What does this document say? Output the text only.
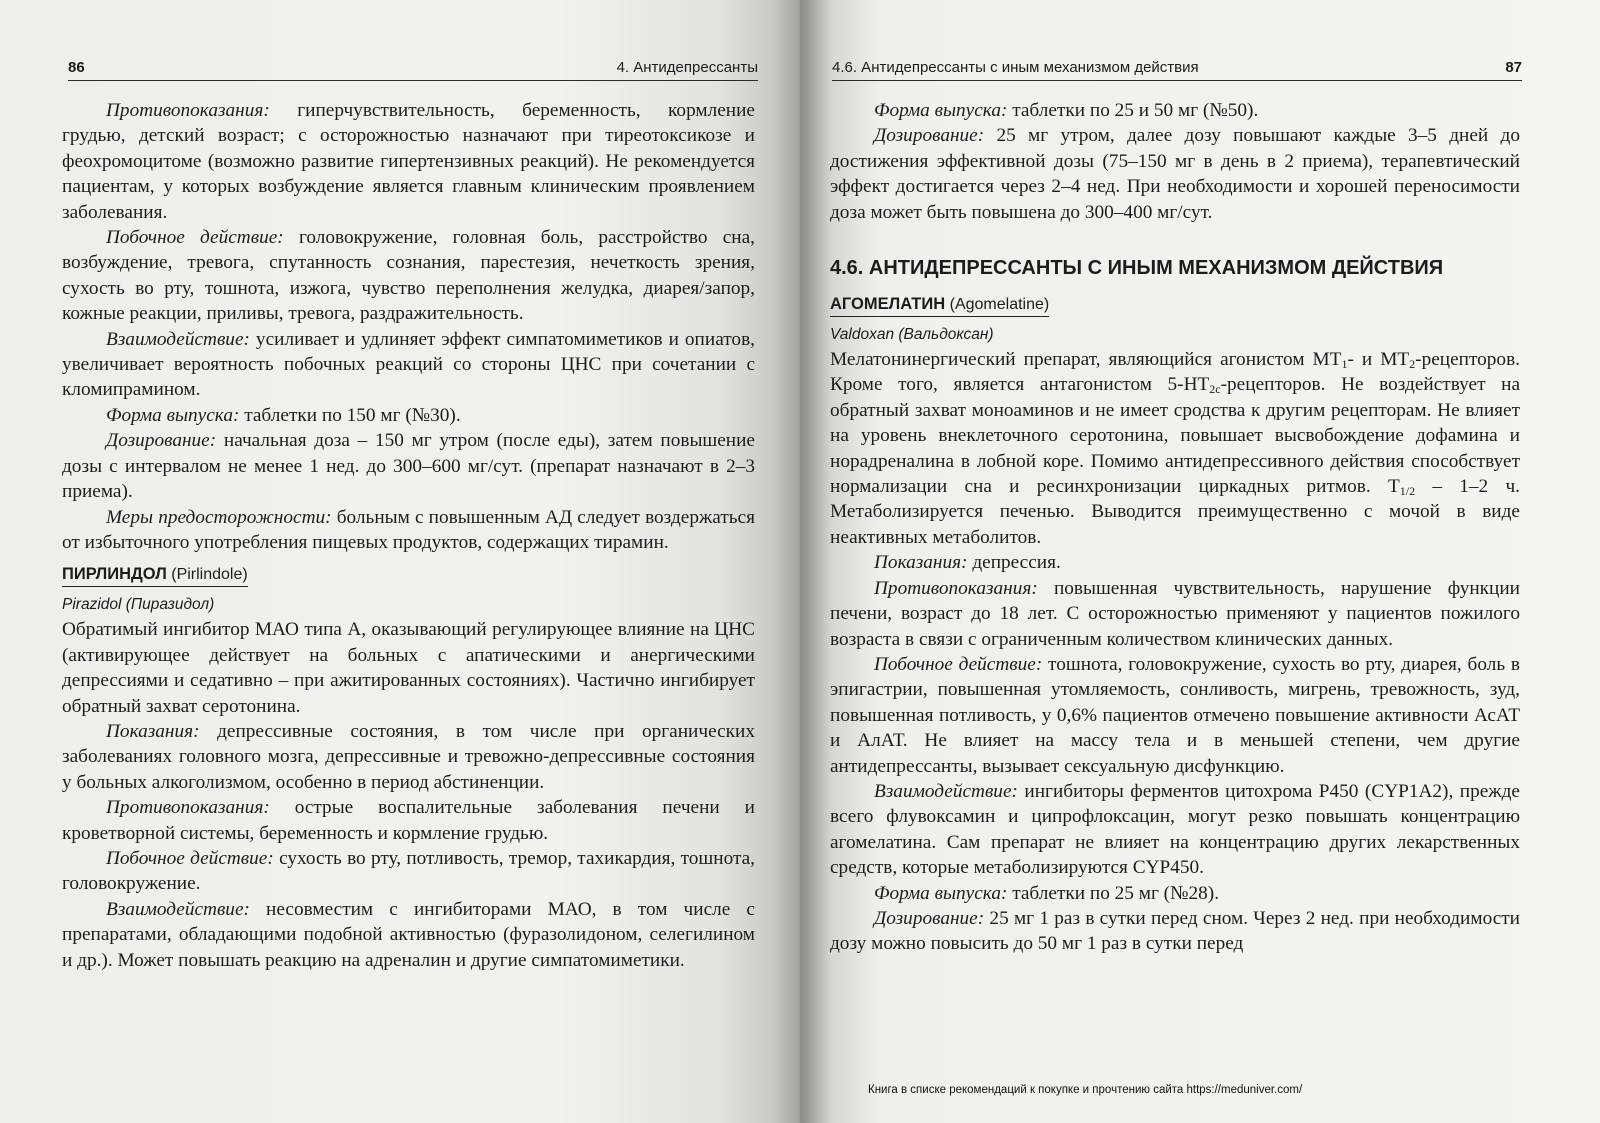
86	4. Антидепрессанты

Противопоказания: гиперчувствительность, беременность, кормление грудью, детский возраст; с осторожностью назначают при тиреотоксикозе и феохромоцитоме (возможно развитие гипертензивных реакций). Не рекомендуется пациентам, у которых возбуждение является главным клиническим проявлением заболевания.

Побочное действие: головокружение, головная боль, расстройство сна, возбуждение, тревога, спутанность сознания, парестезия, нечеткость зрения, сухость во рту, тошнота, изжога, чувство переполнения желудка, диарея/запор, кожные реакции, приливы, тревога, раздражительность.

Взаимодействие: усиливает и удлиняет эффект симпатомиметиков и опиатов, увеличивает вероятность побочных реакций со стороны ЦНС при сочетании с кломипрамином.

Форма выпуска: таблетки по 150 мг (№30).

Дозирование: начальная доза – 150 мг утром (после еды), затем повышение дозы с интервалом не менее 1 нед. до 300–600 мг/сут. (препарат назначают в 2–3 приема).

Меры предосторожности: больным с повышенным АД следует воздержаться от избыточного употребления пищевых продуктов, содержащих тирамин.

ПИРЛИНДОЛ (Pirlindole)
Pirazidol (Пиразидол)

Обратимый ингибитор МАО типа А, оказывающий регулирующее влияние на ЦНС (активирующее действует на больных с апатическими и анергическими депрессиями и седативно – при ажитированных состояниях). Частично ингибирует обратный захват серотонина.

Показания: депрессивные состояния, в том числе при органических заболеваниях головного мозга, депрессивные и тревожно-депрессивные состояния у больных алкоголизмом, особенно в период абстиненции.

Противопоказания: острые воспалительные заболевания печени и кроветворной системы, беременность и кормление грудью.

Побочное действие: сухость во рту, потливость, тремор, тахикардия, тошнота, головокружение.

Взаимодействие: несовместим с ингибиторами МАО, в том числе с препаратами, обладающими подобной активностью (фуразолидоном, селегилином и др.). Может повышать реакцию на адреналин и другие симпатомиметики.

4.6. Антидепрессанты с иным механизмом действия	87

Форма выпуска: таблетки по 25 и 50 мг (№50).

Дозирование: 25 мг утром, далее дозу повышают каждые 3–5 дней до достижения эффективной дозы (75–150 мг в день в 2 приема), терапевтический эффект достигается через 2–4 нед. При необходимости и хорошей переносимости доза может быть повышена до 300–400 мг/сут.

4.6. АНТИДЕПРЕССАНТЫ С ИНЫМ МЕХАНИЗМОМ ДЕЙСТВИЯ
АГОМЕЛАТИН (Agomelatine)
Valdoxan (Вальдоксан)

Мелатонинергический препарат, являющийся агонистом $МТ_1-$ и $МТ_2$-рецепторов. Кроме того, является антагонистом $5-НТ_{2c}$-рецепторов. Не воздействует на обратный захват моноаминов и не имеет сродства к другим рецепторам. Не влияет на уровень внеклеточного серотонина, повышает высвобождение дофамина и норадреналина в лобной коре. Помимо антидепрессивного действия способствует нормализации сна и ресинхронизации циркадных ритмов. $Т_{1/2} - 1-2$ ч. Метаболизируется печенью. Выводится преимущественно с мочой в виде неактивных метаболитов.

Показания: депрессия.

Противопоказания: повышенная чувствительность, нарушение функции печени, возраст до 18 лет. С осторожностью применяют у пациентов пожилого возраста в связи с ограниченным количеством клинических данных.

Побочное действие: тошнота, головокружение, сухость во рту, диарея, боль в эпигастрии, повышенная утомляемость, сонливость, мигрень, тревожность, зуд, повышенная потливость, у 0,6% пациентов отмечено повышение активности АсАТ и АлАТ. Не влияет на массу тела и в меньшей степени, чем другие антидепрессанты, вызывает сексуальную дисфункцию.

Взаимодействие: ингибиторы ферментов цитохрома Р450 (CYP1A2), прежде всего флувоксамин и ципрофлоксацин, могут резко повышать концентрацию агомелатина. Сам препарат не влияет на концентрацию других лекарственных средств, которые метаболизируются CYP450.

Форма выпуска: таблетки по 25 мг (№28).

Дозирование: 25 мг 1 раз в сутки перед сном. Через 2 нед. при необходимости дозу можно повысить до 50 мг 1 раз в сутки перед

Книга в списке рекомендаций к покупке и прочтению сайта https://meduniver.com/
